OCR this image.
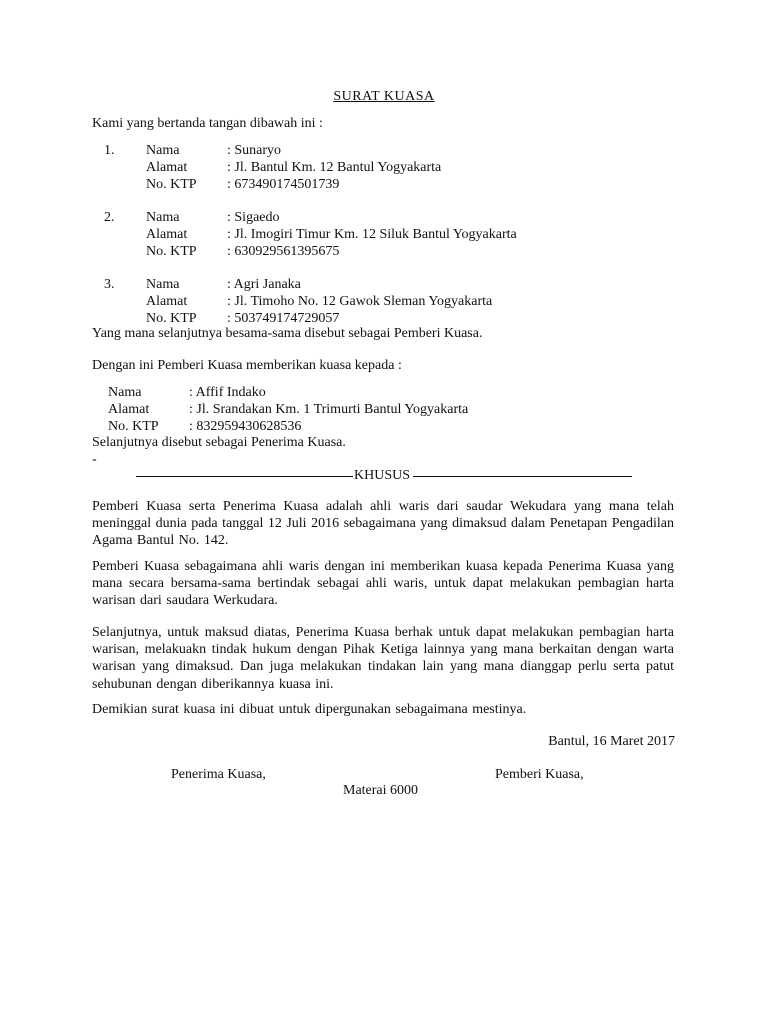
SURAT KUASA
Kami yang bertanda tangan dibawah ini :
1. Nama	: Sunaryo
Alamat	: Jl. Bantul Km. 12 Bantul Yogyakarta
No. KTP : 673490174501739
2. Nama	: Sigaedo
Alamat	: Jl. Imogiri Timur Km. 12 Siluk Bantul Yogyakarta
No. KTP : 630929561395675
3. Nama	: Agri Janaka
Alamat	: Jl. Timoho No. 12 Gawok Sleman Yogyakarta
No. KTP : 503749174729057
Yang mana selanjutnya besama-sama disebut sebagai Pemberi Kuasa.
Dengan ini Pemberi Kuasa memberikan kuasa kepada :
Nama	: Affif Indako
Alamat	: Jl. Srandakan Km. 1 Trimurti Bantul Yogyakarta
No. KTP : 832959430628536
Selanjutnya disebut sebagai Penerima Kuasa.
-
KHUSUS
Pemberi Kuasa serta Penerima Kuasa adalah ahli waris dari saudar Wekudara yang mana telah meninggal dunia pada tanggal 12 Juli 2016 sebagaimana yang dimaksud dalam Penetapan Pengadilan Agama Bantul No. 142.
Pemberi Kuasa sebagaimana ahli waris dengan ini memberikan kuasa kepada Penerima Kuasa yang mana secara bersama-sama bertindak sebagai ahli waris, untuk dapat melakukan pembagian harta warisan dari saudara Werkudara.
Selanjutnya, untuk maksud diatas, Penerima Kuasa berhak untuk dapat melakukan pembagian harta warisan, melakuakn tindak hukum dengan Pihak Ketiga lainnya yang mana berkaitan dengan warta warisan yang dimaksud. Dan juga melakukan tindakan lain yang mana dianggap perlu serta patut sehubunan dengan diberikannya kuasa ini.
Demikian surat kuasa ini dibuat untuk dipergunakan sebagaimana mestinya.
Bantul, 16 Maret 2017
Penerima Kuasa,	Pemberi Kuasa,
Materai 6000
